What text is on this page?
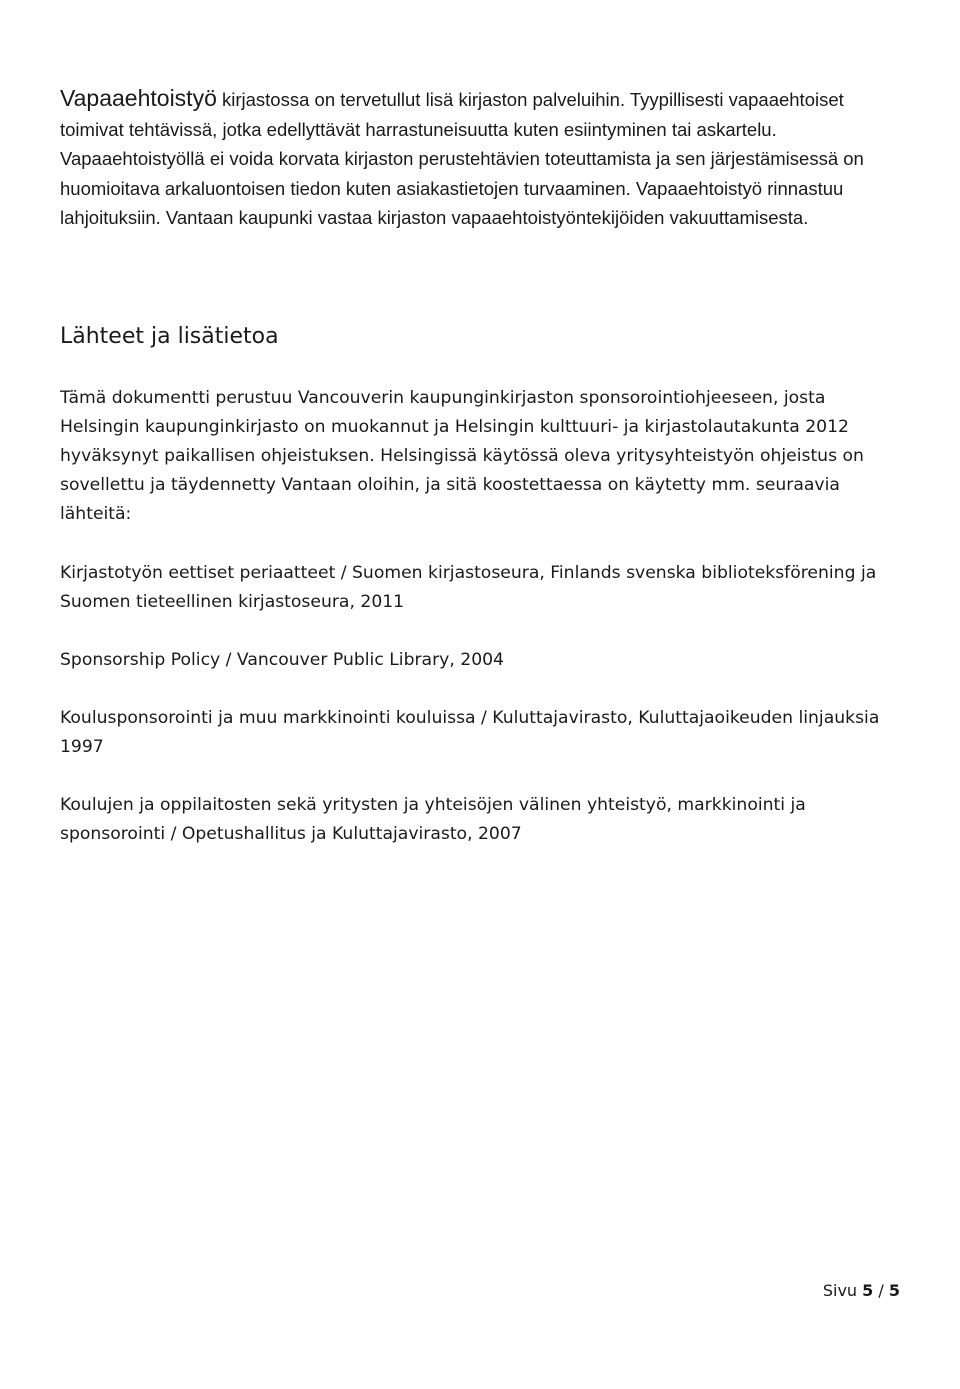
Vapaaehtoistyö kirjastossa on tervetullut lisä kirjaston palveluihin. Tyypillisesti vapaaehtoiset toimivat tehtävissä, jotka edellyttävät harrastuneisuutta kuten esiintyminen tai askartelu. Vapaaehtoistyöllä ei voida korvata kirjaston perustehtävien toteuttamista ja sen järjestämisessä on huomioitava arkaluontoisen tiedon kuten asiakastietojen turvaaminen. Vapaaehtoistyö rinnastuu lahjoituksiin. Vantaan kaupunki vastaa kirjaston vapaaehtoistyöntekijöiden vakuuttamisesta.

Lähteet ja lisätietoa

Tämä dokumentti perustuu Vancouverin kaupunginkirjaston sponsorointiohjeeseen, josta Helsingin kaupunginkirjasto on muokannut ja Helsingin kulttuuri- ja kirjastolautakunta 2012 hyväksynyt paikallisen ohjeistuksen. Helsingissä käytössä oleva yritysyhteistyön ohjeistus on sovellettu ja täydennetty Vantaan oloihin, ja sitä koostettaessa on käytetty mm. seuraavia lähteitä:

Kirjastotyön eettiset periaatteet / Suomen kirjastoseura, Finlands svenska biblioteksförening ja Suomen tieteellinen kirjastoseura, 2011

Sponsorship Policy / Vancouver Public Library, 2004

Koulusponsorointi ja muu markkinointi kouluissa / Kuluttajavirasto, Kuluttajaoikeuden linjauksia 1997

Koulujen ja oppilaitosten sekä yritysten ja yhteisöjen välinen yhteistyö, markkinointi ja sponsorointi / Opetushallitus ja Kuluttajavirasto, 2007

Sivu 5 / 5
